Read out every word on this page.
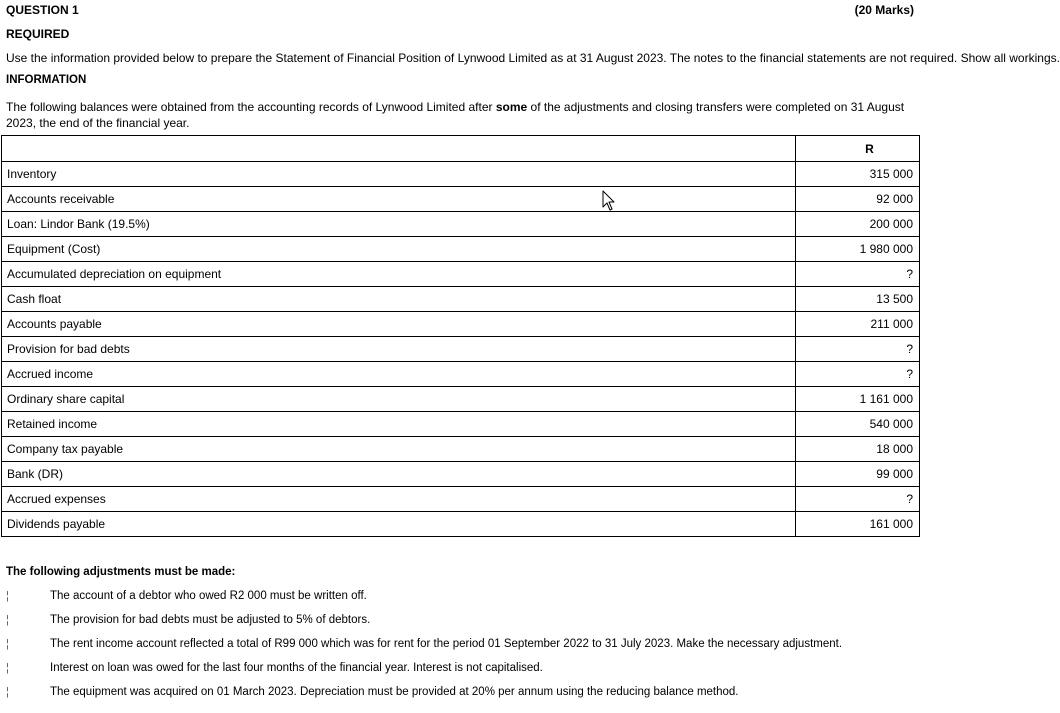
QUESTION 1	(20 Marks)
REQUIRED
Use the information provided below to prepare the Statement of Financial Position of Lynwood Limited as at 31 August 2023. The notes to the financial statements are not required. Show all workings.
INFORMATION
The following balances were obtained from the accounting records of Lynwood Limited after some of the adjustments and closing transfers were completed on 31 August 2023, the end of the financial year.
	R
Inventory	315 000
Accounts receivable	92 000
Loan: Lindor Bank (19.5%)	200 000
Equipment (Cost)	1 980 000
Accumulated depreciation on equipment	?
Cash float	13 500
Accounts payable	211 000
Provision for bad debts	?
Accrued income	?
Ordinary share capital	1 161 000
Retained income	540 000
Company tax payable	18 000
Bank (DR)	99 000
Accrued expenses	?
Dividends payable	161 000
The following adjustments must be made:
¦	The account of a debtor who owed R2 000 must be written off.
¦	The provision for bad debts must be adjusted to 5% of debtors.
¦	The rent income account reflected a total of R99 000 which was for rent for the period 01 September 2022 to 31 July 2023. Make the necessary adjustment.
¦	Interest on loan was owed for the last four months of the financial year. Interest is not capitalised.
¦	The equipment was acquired on 01 March 2023. Depreciation must be provided at 20% per annum using the reducing balance method.
